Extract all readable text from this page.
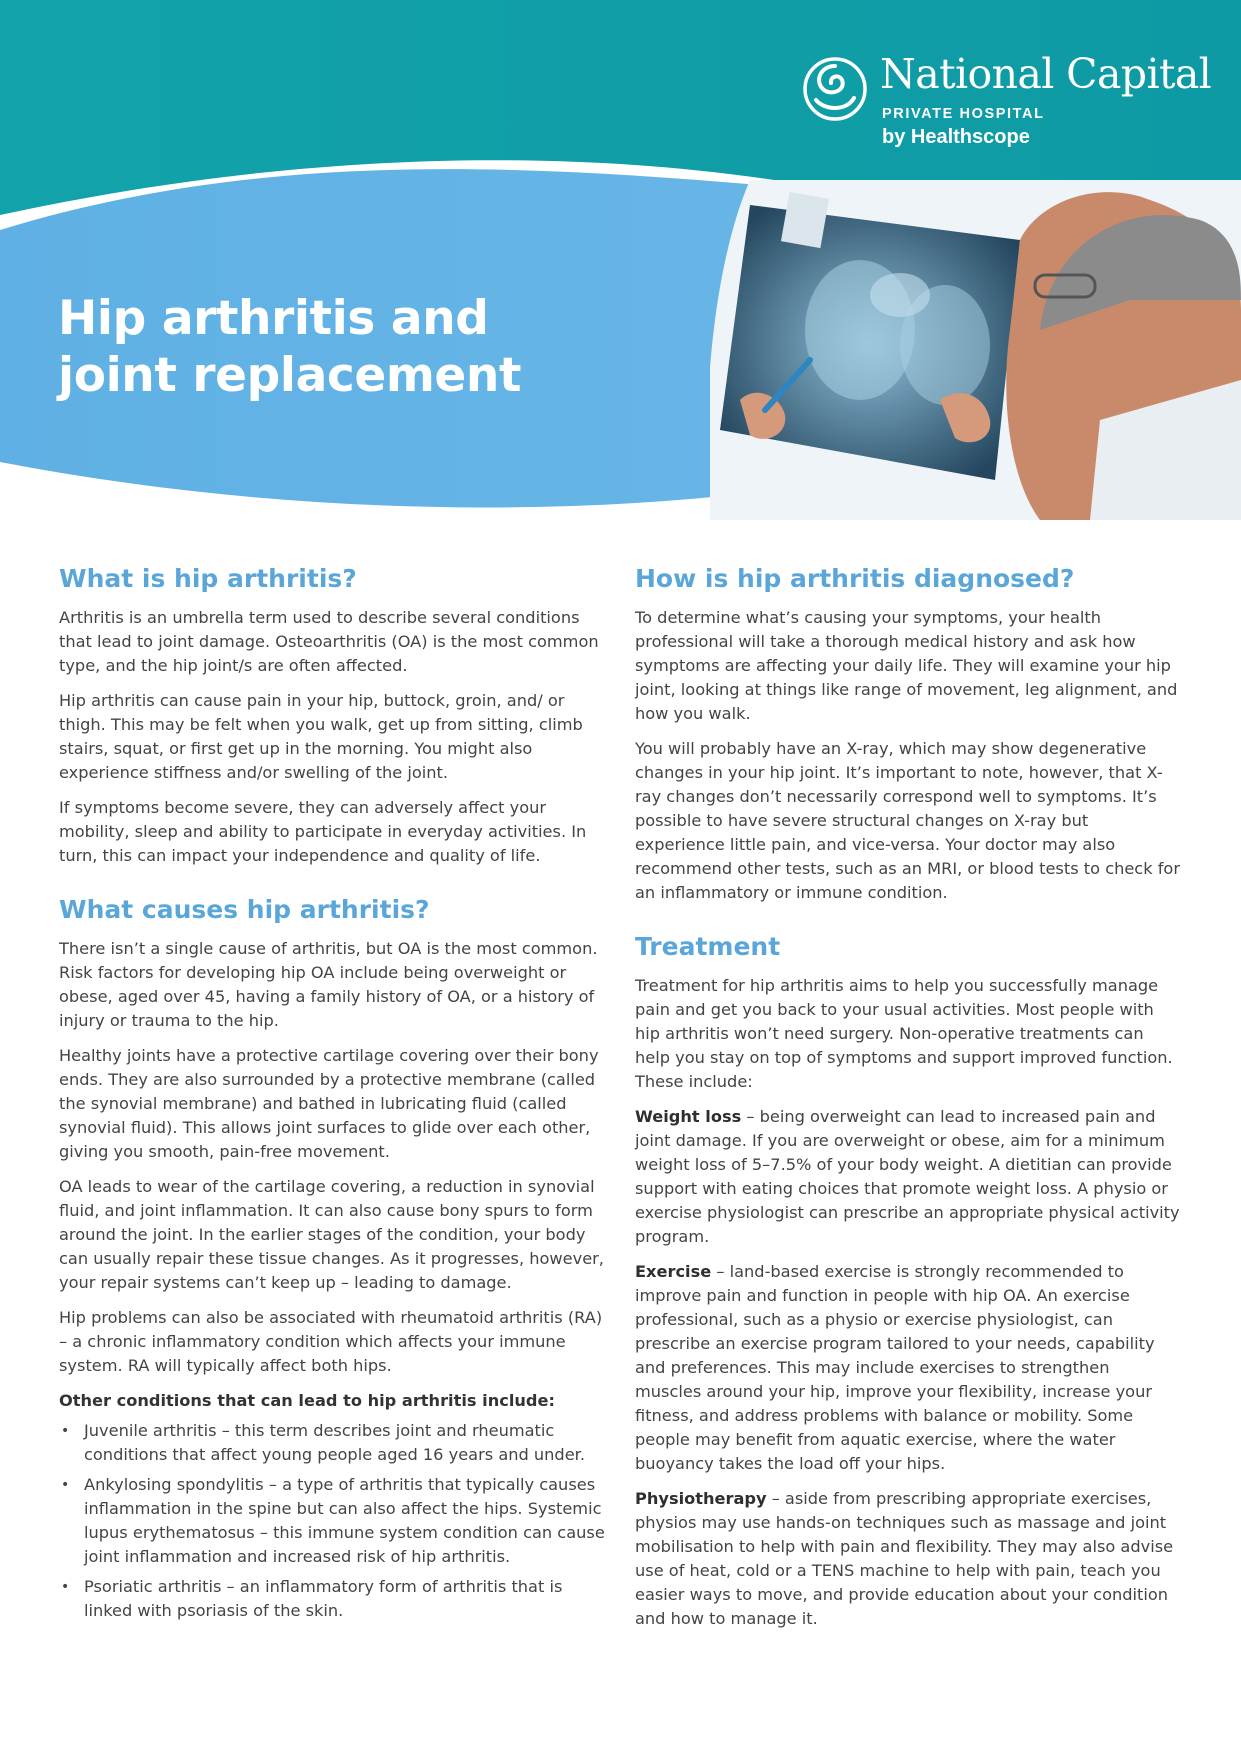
National Capital
PRIVATE HOSPITAL
by Healthscope
Hip arthritis and
joint replacement
What is hip arthritis?

Arthritis is an umbrella term used to describe several conditions that lead to joint damage. Osteoarthritis (OA) is the most common type, and the hip joint/s are often affected.

Hip arthritis can cause pain in your hip, buttock, groin, and/ or thigh. This may be felt when you walk, get up from sitting, climb stairs, squat, or first get up in the morning. You might also experience stiffness and/or swelling of the joint.

If symptoms become severe, they can adversely affect your mobility, sleep and ability to participate in everyday activities. In turn, this can impact your independence and quality of life.

What causes hip arthritis?

There isn’t a single cause of arthritis, but OA is the most common. Risk factors for developing hip OA include being overweight or obese, aged over 45, having a family history of OA, or a history of injury or trauma to the hip.

Healthy joints have a protective cartilage covering over their bony ends. They are also surrounded by a protective membrane (called the synovial membrane) and bathed in lubricating fluid (called synovial fluid). This allows joint surfaces to glide over each other, giving you smooth, pain-free movement.

OA leads to wear of the cartilage covering, a reduction in synovial fluid, and joint inflammation. It can also cause bony spurs to form around the joint. In the earlier stages of the condition, your body can usually repair these tissue changes. As it progresses, however, your repair systems can’t keep up – leading to damage.

Hip problems can also be associated with rheumatoid arthritis (RA) – a chronic inflammatory condition which affects your immune system. RA will typically affect both hips.

Other conditions that can lead to hip arthritis include:
• Juvenile arthritis – this term describes joint and rheumatic conditions that affect young people aged 16 years and under.
• Ankylosing spondylitis – a type of arthritis that typically causes inflammation in the spine but can also affect the hips. Systemic lupus erythematosus – this immune system condition can cause joint inflammation and increased risk of hip arthritis.
• Psoriatic arthritis – an inflammatory form of arthritis that is linked with psoriasis of the skin.
How is hip arthritis diagnosed?

To determine what’s causing your symptoms, your health professional will take a thorough medical history and ask how symptoms are affecting your daily life. They will examine your hip joint, looking at things like range of movement, leg alignment, and how you walk.

You will probably have an X-ray, which may show degenerative changes in your hip joint. It’s important to note, however, that X-ray changes don’t necessarily correspond well to symptoms. It’s possible to have severe structural changes on X-ray but experience little pain, and vice-versa. Your doctor may also recommend other tests, such as an MRI, or blood tests to check for an inflammatory or immune condition.

Treatment

Treatment for hip arthritis aims to help you successfully manage pain and get you back to your usual activities. Most people with hip arthritis won’t need surgery. Non-operative treatments can help you stay on top of symptoms and support improved function. These include:

Weight loss – being overweight can lead to increased pain and joint damage. If you are overweight or obese, aim for a minimum weight loss of 5–7.5% of your body weight. A dietitian can provide support with eating choices that promote weight loss. A physio or exercise physiologist can prescribe an appropriate physical activity program.

Exercise – land-based exercise is strongly recommended to improve pain and function in people with hip OA. An exercise professional, such as a physio or exercise physiologist, can prescribe an exercise program tailored to your needs, capability and preferences. This may include exercises to strengthen muscles around your hip, improve your flexibility, increase your fitness, and address problems with balance or mobility. Some people may benefit from aquatic exercise, where the water buoyancy takes the load off your hips.

Physiotherapy – aside from prescribing appropriate exercises, physios may use hands-on techniques such as massage and joint mobilisation to help with pain and flexibility. They may also advise use of heat, cold or a TENS machine to help with pain, teach you easier ways to move, and provide education about your condition and how to manage it.
